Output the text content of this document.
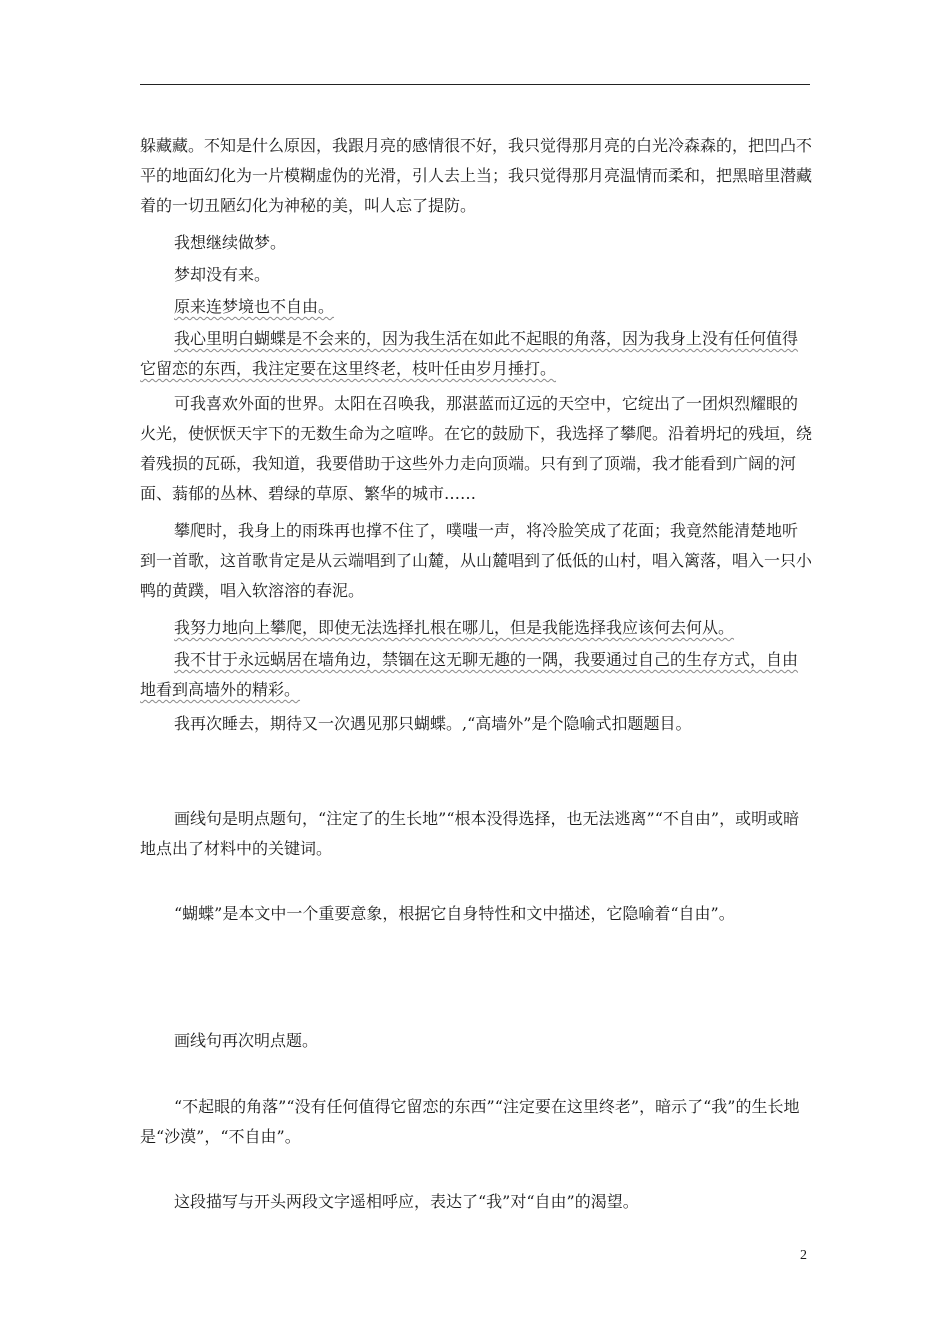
躲藏藏。不知是什么原因，我跟月亮的感情很不好，我只觉得那月亮的白光冷森森的，把凹凸不平的地面幻化为一片模糊虚伪的光滑，引人去上当；我只觉得那月亮温情而柔和，把黑暗里潜藏着的一切丑陋幻化为神秘的美，叫人忘了提防。

我想继续做梦。

梦却没有来。

原来连梦境也不自由。

我心里明白蝴蝶是不会来的，因为我生活在如此不起眼的角落，因为我身上没有任何值得它留恋的东西，我注定要在这里终老，枝叶任由岁月捶打。

可我喜欢外面的世界。太阳在召唤我，那湛蓝而辽远的天空中，它绽出了一团炽烈耀眼的火光，使恹恹天宇下的无数生命为之喧哗。在它的鼓励下，我选择了攀爬。沿着坍圮的残垣，绕着残损的瓦砾，我知道，我要借助于这些外力走向顶端。只有到了顶端，我才能看到广阔的河面、蓊郁的丛林、碧绿的草原、繁华的城市……

攀爬时，我身上的雨珠再也撑不住了，噗嗤一声，将冷脸笑成了花面；我竟然能清楚地听到一首歌，这首歌肯定是从云端唱到了山麓，从山麓唱到了低低的山村，唱入篱落，唱入一只小鸭的黄蹼，唱入软溶溶的春泥。

我努力地向上攀爬，即使无法选择扎根在哪儿，但是我能选择我应该何去何从。

我不甘于永远蜗居在墙角边，禁锢在这无聊无趣的一隅，我要通过自己的生存方式，自由地看到高墙外的精彩。

我再次睡去，期待又一次遇见那只蝴蝶。,“高墙外”是个隐喻式扣题题目。

画线句是明点题句，“注定了的生长地”“根本没得选择，也无法逃离”“不自由”，或明或暗地点出了材料中的关键词。

“蝴蝶”是本文中一个重要意象，根据它自身特性和文中描述，它隐喻着“自由”。

画线句再次明点题。

“不起眼的角落”“没有任何值得它留恋的东西”“注定要在这里终老”，暗示了“我”的生长地是“沙漠”，“不自由”。

这段描写与开头两段文字遥相呼应，表达了“我”对“自由”的渴望。

2
